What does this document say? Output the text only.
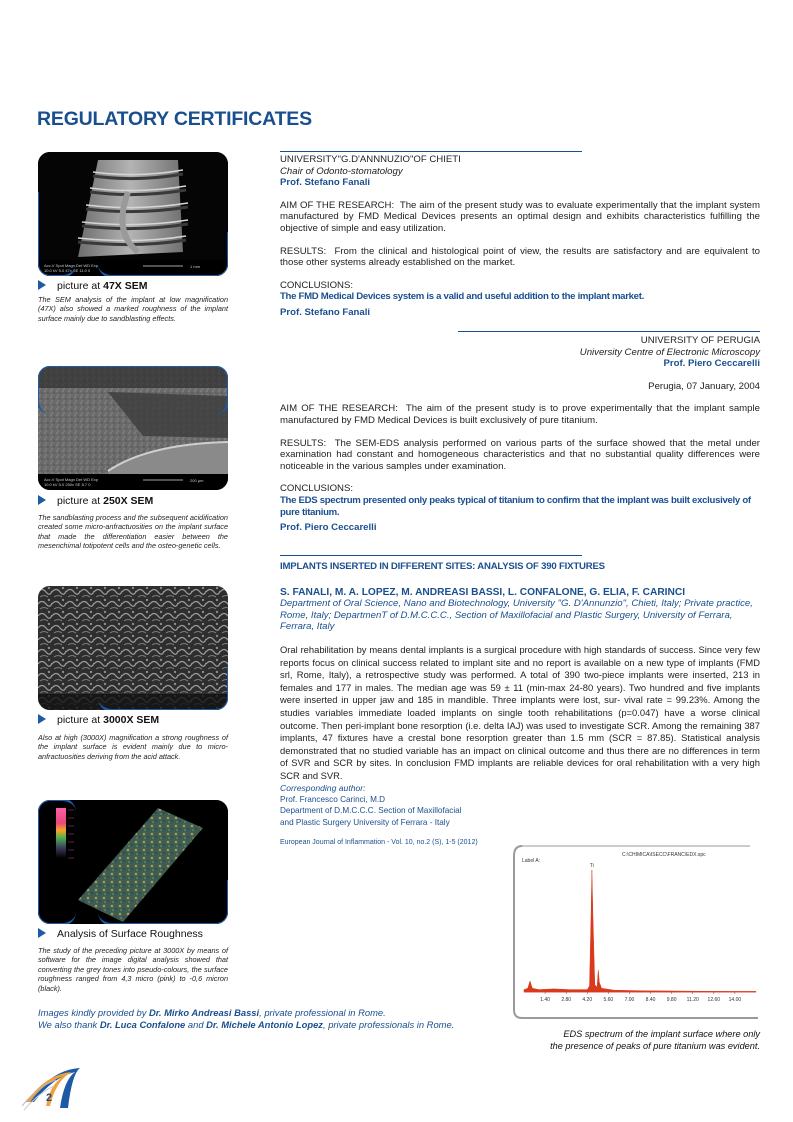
REGULATORY CERTIFICATES
Acc.V Spot Magn Det WD Exp
10.0 kV 5.0 47x SE 11.0 0
1 mm
picture at 47X SEM
The SEM analysis of the implant at low magnification (47X) also showed a marked roughness of the implant surface mainly due to sandblasting effects.
Acc.V Spot Magn Det WD Exp
10.0 kV 5.0 250x SE 8.7 0
200 µm
picture at 250X SEM
The sandblasting process and the subsequent acidification created some micro-anfractuosities on the implant surface that made the differentiation easier between the mesenchimal totipotent cells and the osteo-genetic cells.
picture at 3000X SEM
Also at high (3000X) magnification a strong roughness of the implant surface is evident mainly due to micro-anfractuosities deriving from the acid attack.
Analysis of Surface Roughness
The study of the preceding picture at 3000X by means of software for the image digital analysis showed that converting the grey tones into pseudo-colours, the surface roughness ranged from 4,3 micro (pink) to -0,6 micron (black).
UNIVERSITY"G.D'ANNNUZIO"OF CHIETI
Chair of Odonto-stomatology
Prof. Stefano Fanali

AIM OF THE RESEARCH: The aim of the present study was to evaluate experimentally that the implant system manufactured by FMD Medical Devices presents an optimal design and exhibits characteristics fulfilling the objective of simple and easy utilization.

RESULTS: From the clinical and histological point of view, the results are satisfactory and are equivalent to those other systems already established on the market.

CONCLUSIONS:

The FMD Medical Devices system is a valid and useful addition to the implant market.
Prof. Stefano Fanali
UNIVERSITY OF PERUGIA
University Centre of Electronic Microscopy
Prof. Piero Ceccarelli

Perugia, 07 January, 2004

AIM OF THE RESEARCH: The aim of the present study is to prove experimentally that the implant sample manufactured by FMD Medical Devices is built exclusively of pure titanium.

RESULTS: The SEM-EDS analysis performed on various parts of the surface showed that the metal under examination had constant and homogeneous characteristics and that no substantial quality differences were noticeable in the various samples under examination.

CONCLUSIONS:

The EDS spectrum presented only peaks typical of titanium to confirm that the implant was built exclusively of pure titanium.
Prof. Piero Ceccarelli
IMPLANTS INSERTED IN DIFFERENT SITES: ANALYSIS OF 390 FIXTURES
S. FANALI, M. A. LOPEZ, M. ANDREASI BASSI, L. CONFALONE, G. ELIA, F. CARINCI
Department of Oral Science, Nano and Biotechnology, University "G. D'Annunzio", Chieti, Italy; Private practice, Rome, Italy; DepartmenT of D.M.C.C.C., Section of Maxillofacial and Plastic Surgery, University of Ferrara, Ferrara, Italy

Oral rehabilitation by means dental implants is a surgical procedure with high standards of success. Since very few reports focus on clinical success related to implant site and no report is available on a new type of implants (FMD srl, Rome, Italy), a retrospective study was performed. A total of 390 two-piece implants were inserted, 213 in females and 177 in males. The median age was 59 ± 11 (min-max 24-80 years). Two hundred and five implants were inserted in upper jaw and 185 in mandible. Three implants were lost, sur- vival rate = 99.23%. Among the studies variables immediate loaded implants on single tooth rehabilitations (p=0.047) have a worse clinical outcome. Then peri-implant bone resorption (i.e. delta IAJ) was used to investigate SCR. Among the remaining 387 implants, 47 fixtures have a crestal bone resorption greater than 1.5 mm (SCR = 87.85). Statistical analysis demonstrated that no studied variable has an impact on clinical outcome and thus there are no differences in term of SVR and SCR by sites. In conclusion FMD implants are reliable devices for oral rehabilitation with a very high SCR and SVR.

Corresponding author:
Prof. Francesco Carinci, M.D
Department of D.M.C.C.C. Section of Maxillofacial
and Plastic Surgery University of Ferrara - Italy
European Journal of Inflammation - Vol. 10, no.2 (S), 1-5 (2012)
C:\CHIMICA\ISECC\FRANC\EDX.spc
Label A:
1.40 2.80 4.20 5.60 7.00 8.40 9.80 11.20 12.60 14.00
Ti
EDS spectrum of the implant surface where only
the presence of peaks of pure titanium was evident.
Images kindly provided by Dr. Mirko Andreasi Bassi, private professional in Rome.
We also thank Dr. Luca Confalone and Dr. Michele Antonio Lopez, private professionals in Rome.
2
